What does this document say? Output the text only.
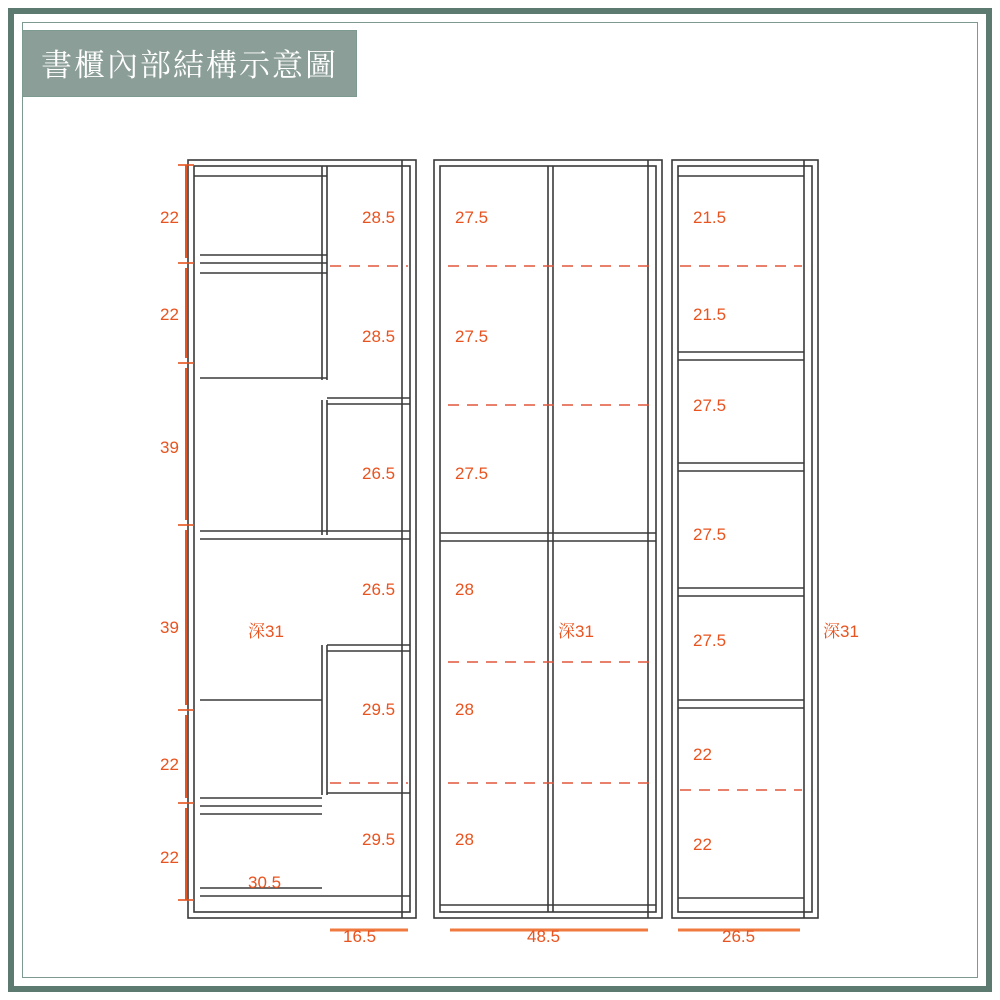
書櫃內部結構示意圖
22
22
39
39
22
22
28.5
28.5
26.5
26.5
29.5
29.5
30.5
深31
27.5
27.5
27.5
28
28
28
深31
21.5
21.5
27.5
27.5
27.5
22
22
深31
16.5	48.5	26.5
